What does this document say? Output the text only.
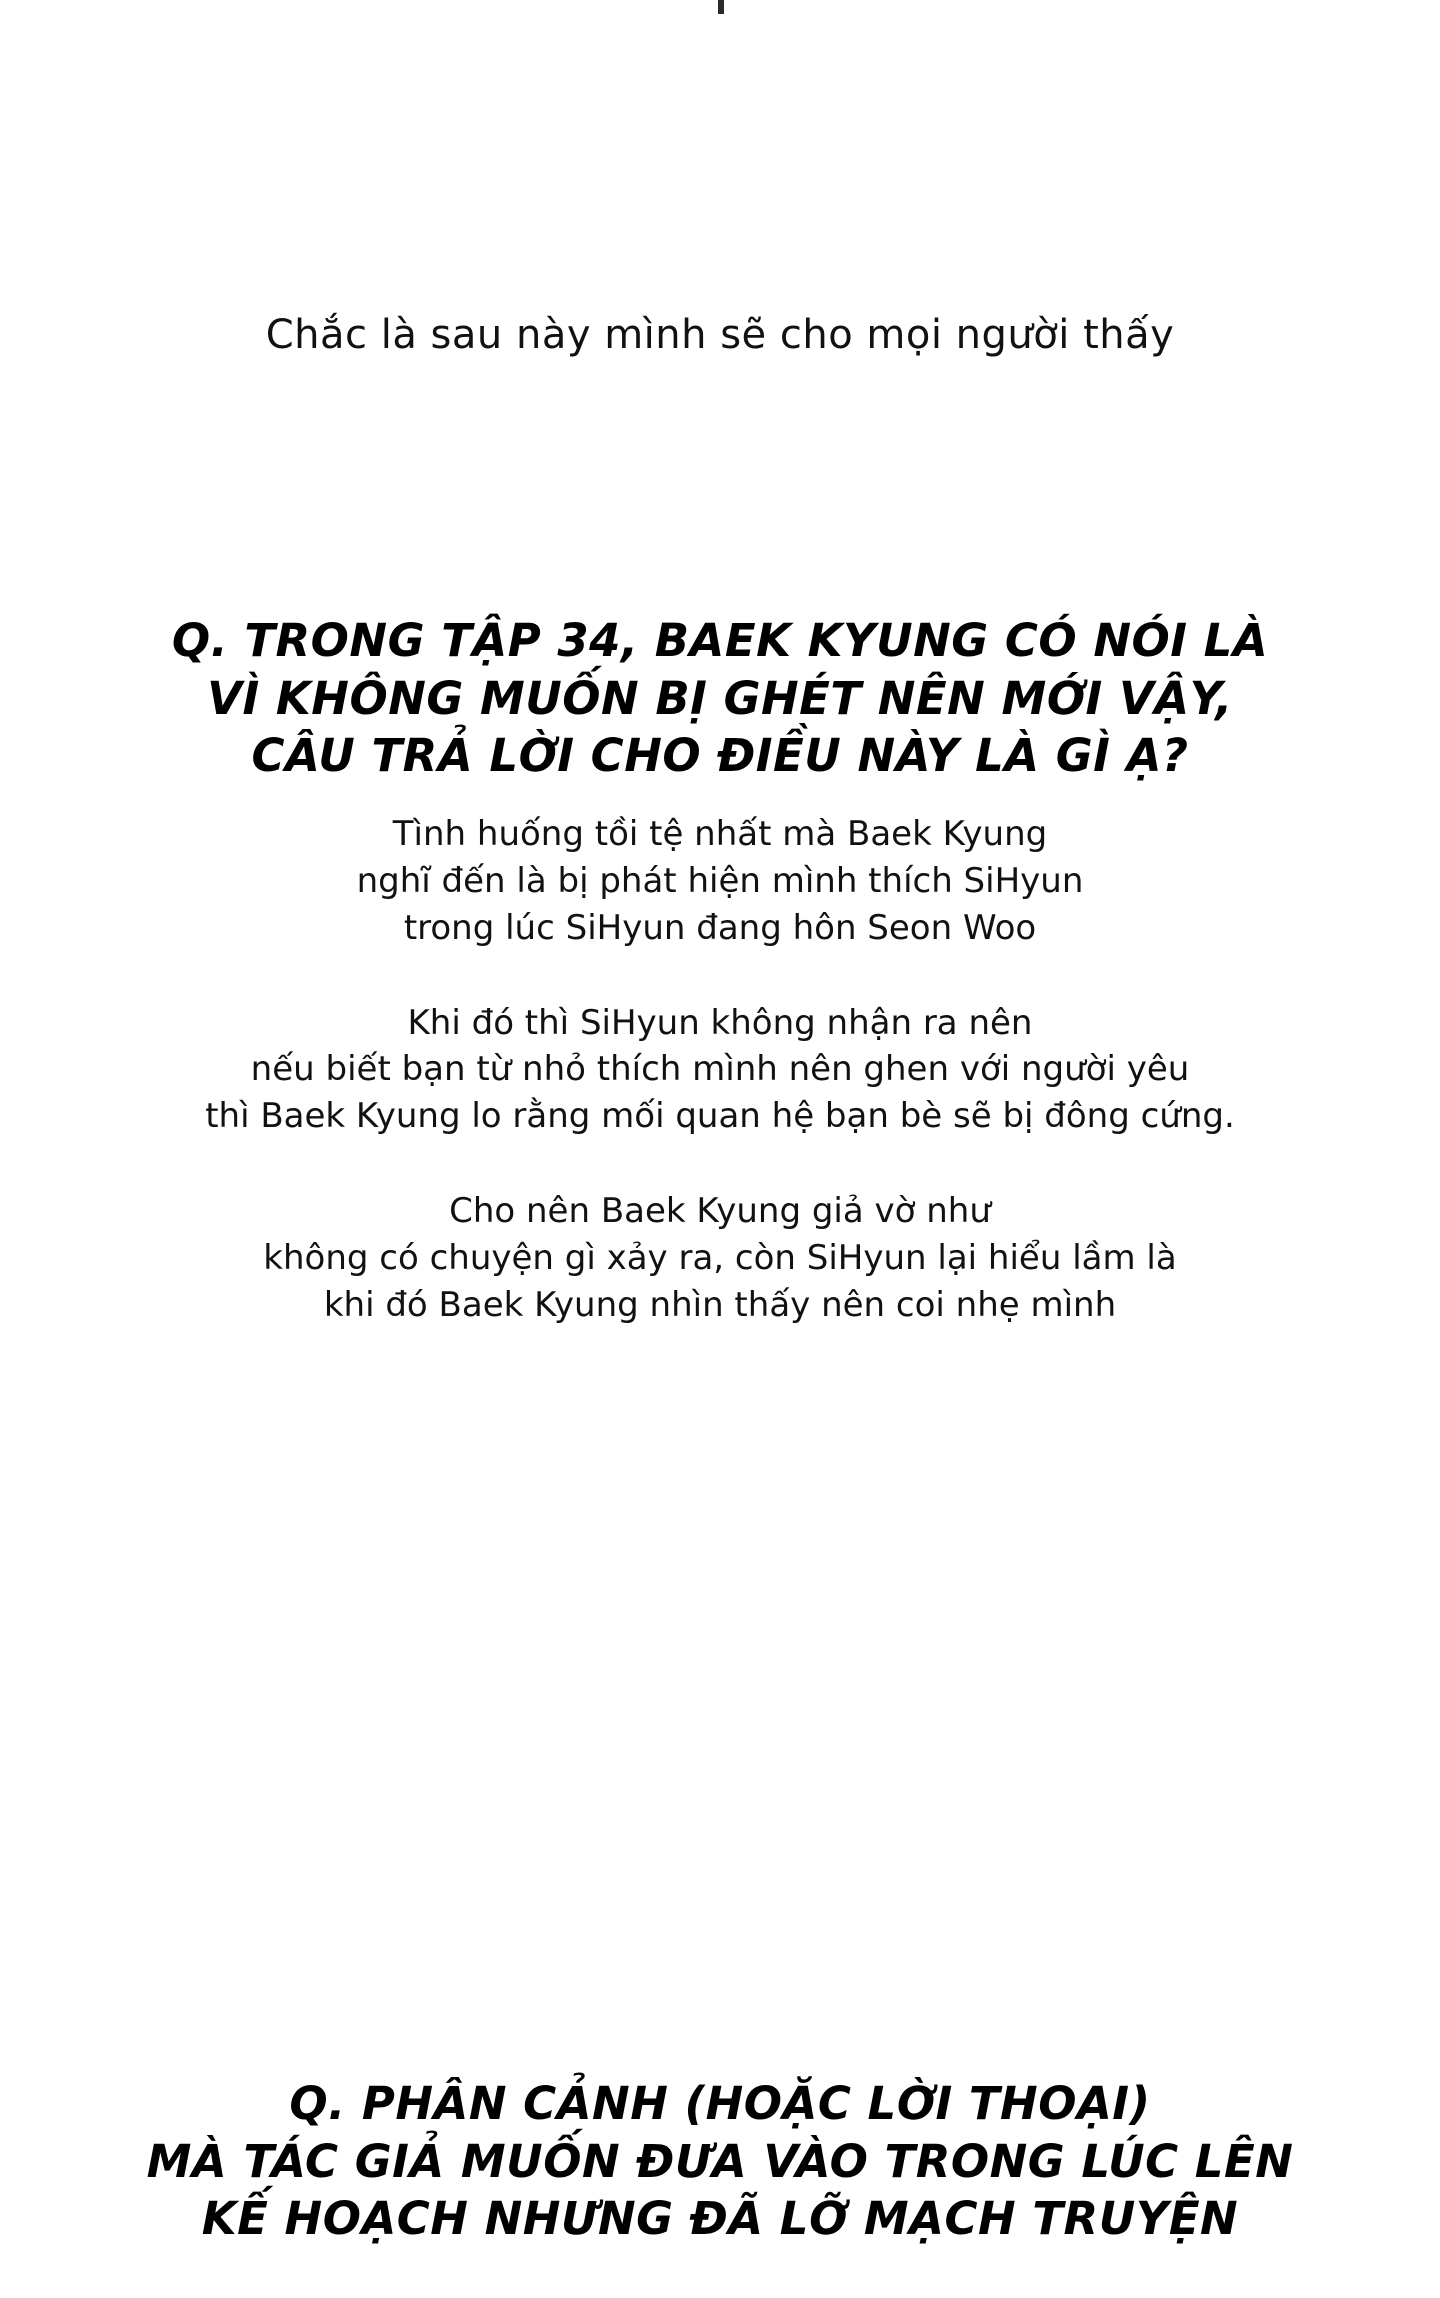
Chắc là sau này mình sẽ cho mọi người thấy
Q. TRONG TẬP 34, BAEK KYUNG CÓ NÓI LÀ
VÌ KHÔNG MUỐN BỊ GHÉT NÊN MỚI VẬY,
CÂU TRẢ LỜI CHO ĐIỀU NÀY LÀ GÌ Ạ?
Tình huống tồi tệ nhất mà Baek Kyung
nghĩ đến là bị phát hiện mình thích SiHyun
trong lúc SiHyun đang hôn Seon Woo
Khi đó thì SiHyun không nhận ra nên
nếu biết bạn từ nhỏ thích mình nên ghen với người yêu
thì Baek Kyung lo rằng mối quan hệ bạn bè sẽ bị đông cứng.
Cho nên Baek Kyung giả vờ như
không có chuyện gì xảy ra, còn SiHyun lại hiểu lầm là
khi đó Baek Kyung nhìn thấy nên coi nhẹ mình
Q. PHÂN CẢNH (HOẶC LỜI THOẠI)
MÀ TÁC GIẢ MUỐN ĐƯA VÀO TRONG LÚC LÊN
KẾ HOẠCH NHƯNG ĐÃ LỠ MẠCH TRUYỆN
